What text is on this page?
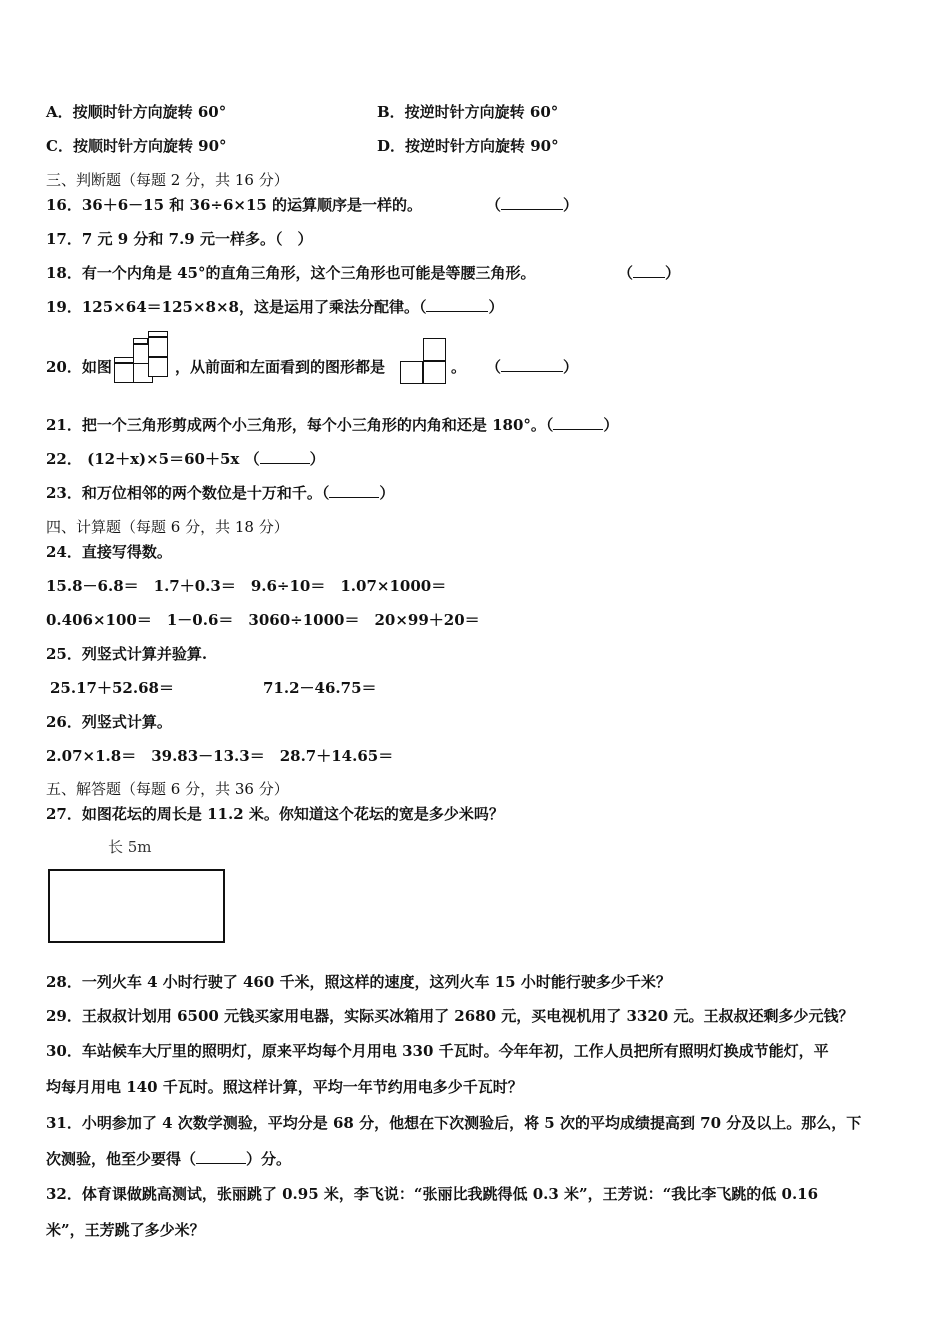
A．按顺时针方向旋转 60°	B．按逆时针方向旋转 60°
C．按顺时针方向旋转 90°	D．按逆时针方向旋转 90°
三、判断题（每题 2 分，共 16 分）
16．36＋6－15 和 36÷6×15 的运算顺序是一样的。	（	）
17．7 元 9 分和 7.9 元一样多。（　）
18．有一个内角是 45°的直角三角形，这个三角形也可能是等腰三角形。	（ ）
19．125×64＝125×8×8，这是运用了乘法分配律。（	）
20．如图	，从前面和左面看到的图形都是	。 （	）
21．把一个三角形剪成两个小三角形，每个小三角形的内角和还是 180°。（	）
22． (12＋x)×5＝60＋5x （	）
23．和万位相邻的两个数位是十万和千。（	）
四、计算题（每题 6 分，共 18 分）
24．直接写得数。
15.8－6.8＝　1.7＋0.3＝　9.6÷10＝　1.07×1000＝
0.406×100＝　1－0.6＝　3060÷1000＝　20×99＋20＝
25．列竖式计算并验算.
25.17＋52.68＝	71.2－46.75＝
26．列竖式计算。
2.07×1.8＝　39.83－13.3＝　28.7＋14.65＝
五、解答题（每题 6 分，共 36 分）
27．如图花坛的周长是 11.2 米。你知道这个花坛的宽是多少米吗？
长 5m
28．一列火车 4 小时行驶了 460 千米，照这样的速度，这列火车 15 小时能行驶多少千米？
29．王叔叔计划用 6500 元钱买家用电器，实际买冰箱用了 2680 元，买电视机用了 3320 元。王叔叔还剩多少元钱？
30．车站候车大厅里的照明灯，原来平均每个月用电 330 千瓦时。今年年初，工作人员把所有照明灯换成节能灯，平
均每月用电 140 千瓦时。照这样计算，平均一年节约用电多少千瓦时？
31．小明参加了 4 次数学测验，平均分是 68 分，他想在下次测验后，将 5 次的平均成绩提高到 70 分及以上。那么，下
次测验，他至少要得（	）分。
32．体育课做跳高测试，张丽跳了 0.95 米，李飞说：“张丽比我跳得低 0.3 米”，王芳说：“我比李飞跳的低 0.16
米”，王芳跳了多少米？
